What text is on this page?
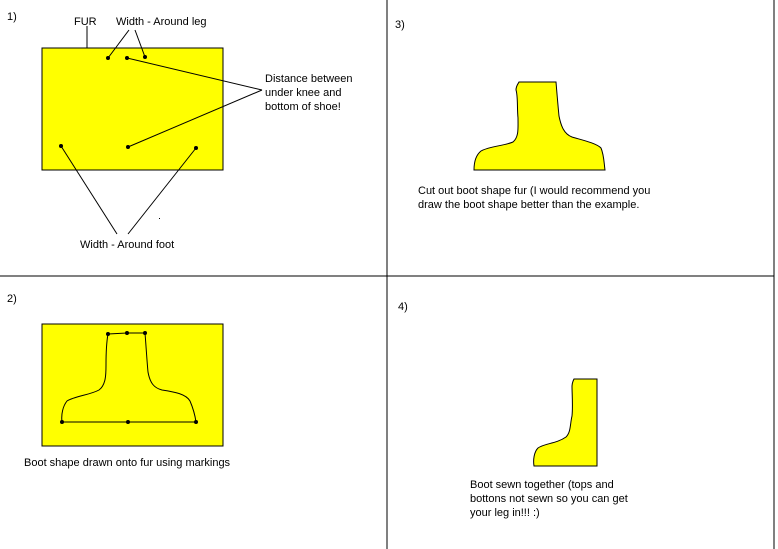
1)	FUR Width - Around leg
Distance between under knee and bottom of shoe!
Width - Around foot
2)
Boot shape drawn onto fur using markings
3)
Cut out boot shape fur (I would recommend you draw the boot shape better than the example.
4)
Boot sewn together (tops and bottons not sewn so you can get your leg in!!! :)
